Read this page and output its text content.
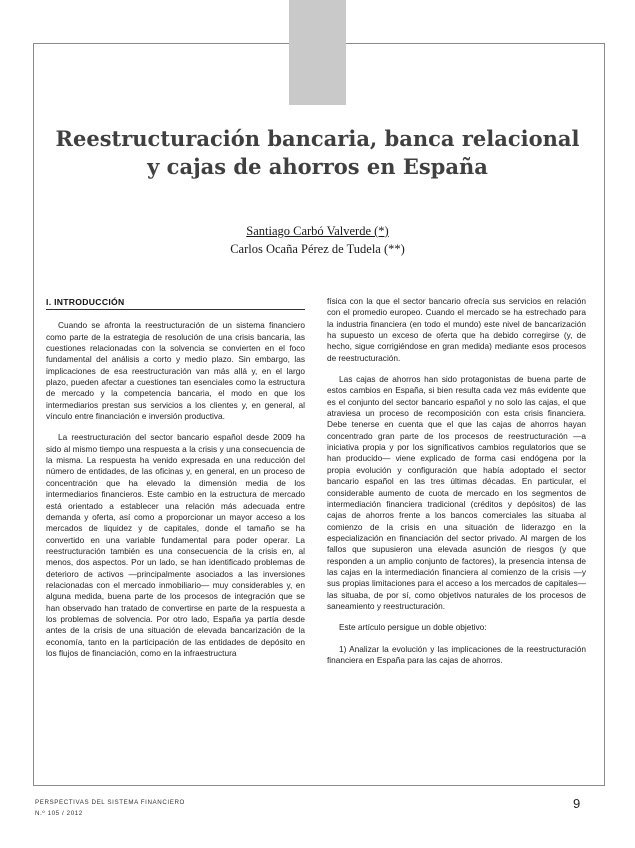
Reestructuración bancaria, banca relacional
y cajas de ahorros en España
Santiago Carbó Valverde (*)
Carlos Ocaña Pérez de Tudela (**)
I. INTRODUCCIÓN

Cuando se afronta la reestructuración de un sistema financiero como parte de la estrategia de resolución de una crisis bancaria, las cuestiones relacionadas con la solvencia se convierten en el foco fundamental del análisis a corto y medio plazo. Sin embargo, las implicaciones de esa reestructuración van más allá y, en el largo plazo, pueden afectar a cuestiones tan esenciales como la estructura de mercado y la competencia bancaria, el modo en que los intermediarios prestan sus servicios a los clientes y, en general, al vínculo entre financiación e inversión productiva.

La reestructuración del sector bancario español desde 2009 ha sido al mismo tiempo una respuesta a la crisis y una consecuencia de la misma. La respuesta ha venido expresada en una reducción del número de entidades, de las oficinas y, en general, en un proceso de concentración que ha elevado la dimensión media de los intermediarios financieros. Este cambio en la estructura de mercado está orientado a establecer una relación más adecuada entre demanda y oferta, así como a proporcionar un mayor acceso a los mercados de liquidez y de capitales, donde el tamaño se ha convertido en una variable fundamental para poder operar. La reestructuración también es una consecuencia de la crisis en, al menos, dos aspectos. Por un lado, se han identificado problemas de deterioro de activos —principalmente asociados a las inversiones relacionadas con el mercado inmobiliario— muy considerables y, en alguna medida, buena parte de los procesos de integración que se han observado han tratado de convertirse en parte de la respuesta a los problemas de solvencia. Por otro lado, España ya partía desde antes de la crisis de una situación de elevada bancarización de la economía, tanto en la participación de las entidades de depósito en los flujos de financiación, como en la infraestructura

física con la que el sector bancario ofrecía sus servicios en relación con el promedio europeo. Cuando el mercado se ha estrechado para la industria financiera (en todo el mundo) este nivel de bancarización ha supuesto un exceso de oferta que ha debido corregirse (y, de hecho, sigue corrigiéndose en gran medida) mediante esos procesos de reestructuración.

Las cajas de ahorros han sido protagonistas de buena parte de estos cambios en España, si bien resulta cada vez más evidente que es el conjunto del sector bancario español y no solo las cajas, el que atraviesa un proceso de recomposición con esta crisis financiera. Debe tenerse en cuenta que el que las cajas de ahorros hayan concentrado gran parte de los procesos de reestructuración —a iniciativa propia y por los significativos cambios regulatorios que se han producido— viene explicado de forma casi endógena por la propia evolución y configuración que había adoptado el sector bancario español en las tres últimas décadas. En particular, el considerable aumento de cuota de mercado en los segmentos de intermediación financiera tradicional (créditos y depósitos) de las cajas de ahorros frente a los bancos comerciales las situaba al comienzo de la crisis en una situación de liderazgo en la especialización en financiación del sector privado. Al margen de los fallos que supusieron una elevada asunción de riesgos (y que responden a un amplio conjunto de factores), la presencia intensa de las cajas en la intermediación financiera al comienzo de la crisis —y sus propias limitaciones para el acceso a los mercados de capitales— las situaba, de por sí, como objetivos naturales de los procesos de saneamiento y reestructuración.

Este artículo persigue un doble objetivo:

1) Analizar la evolución y las implicaciones de la reestructuración financiera en España para las cajas de ahorros.

PERSPECTIVAS DEL SISTEMA FINANCIERO
N.º 105 / 2012
9
